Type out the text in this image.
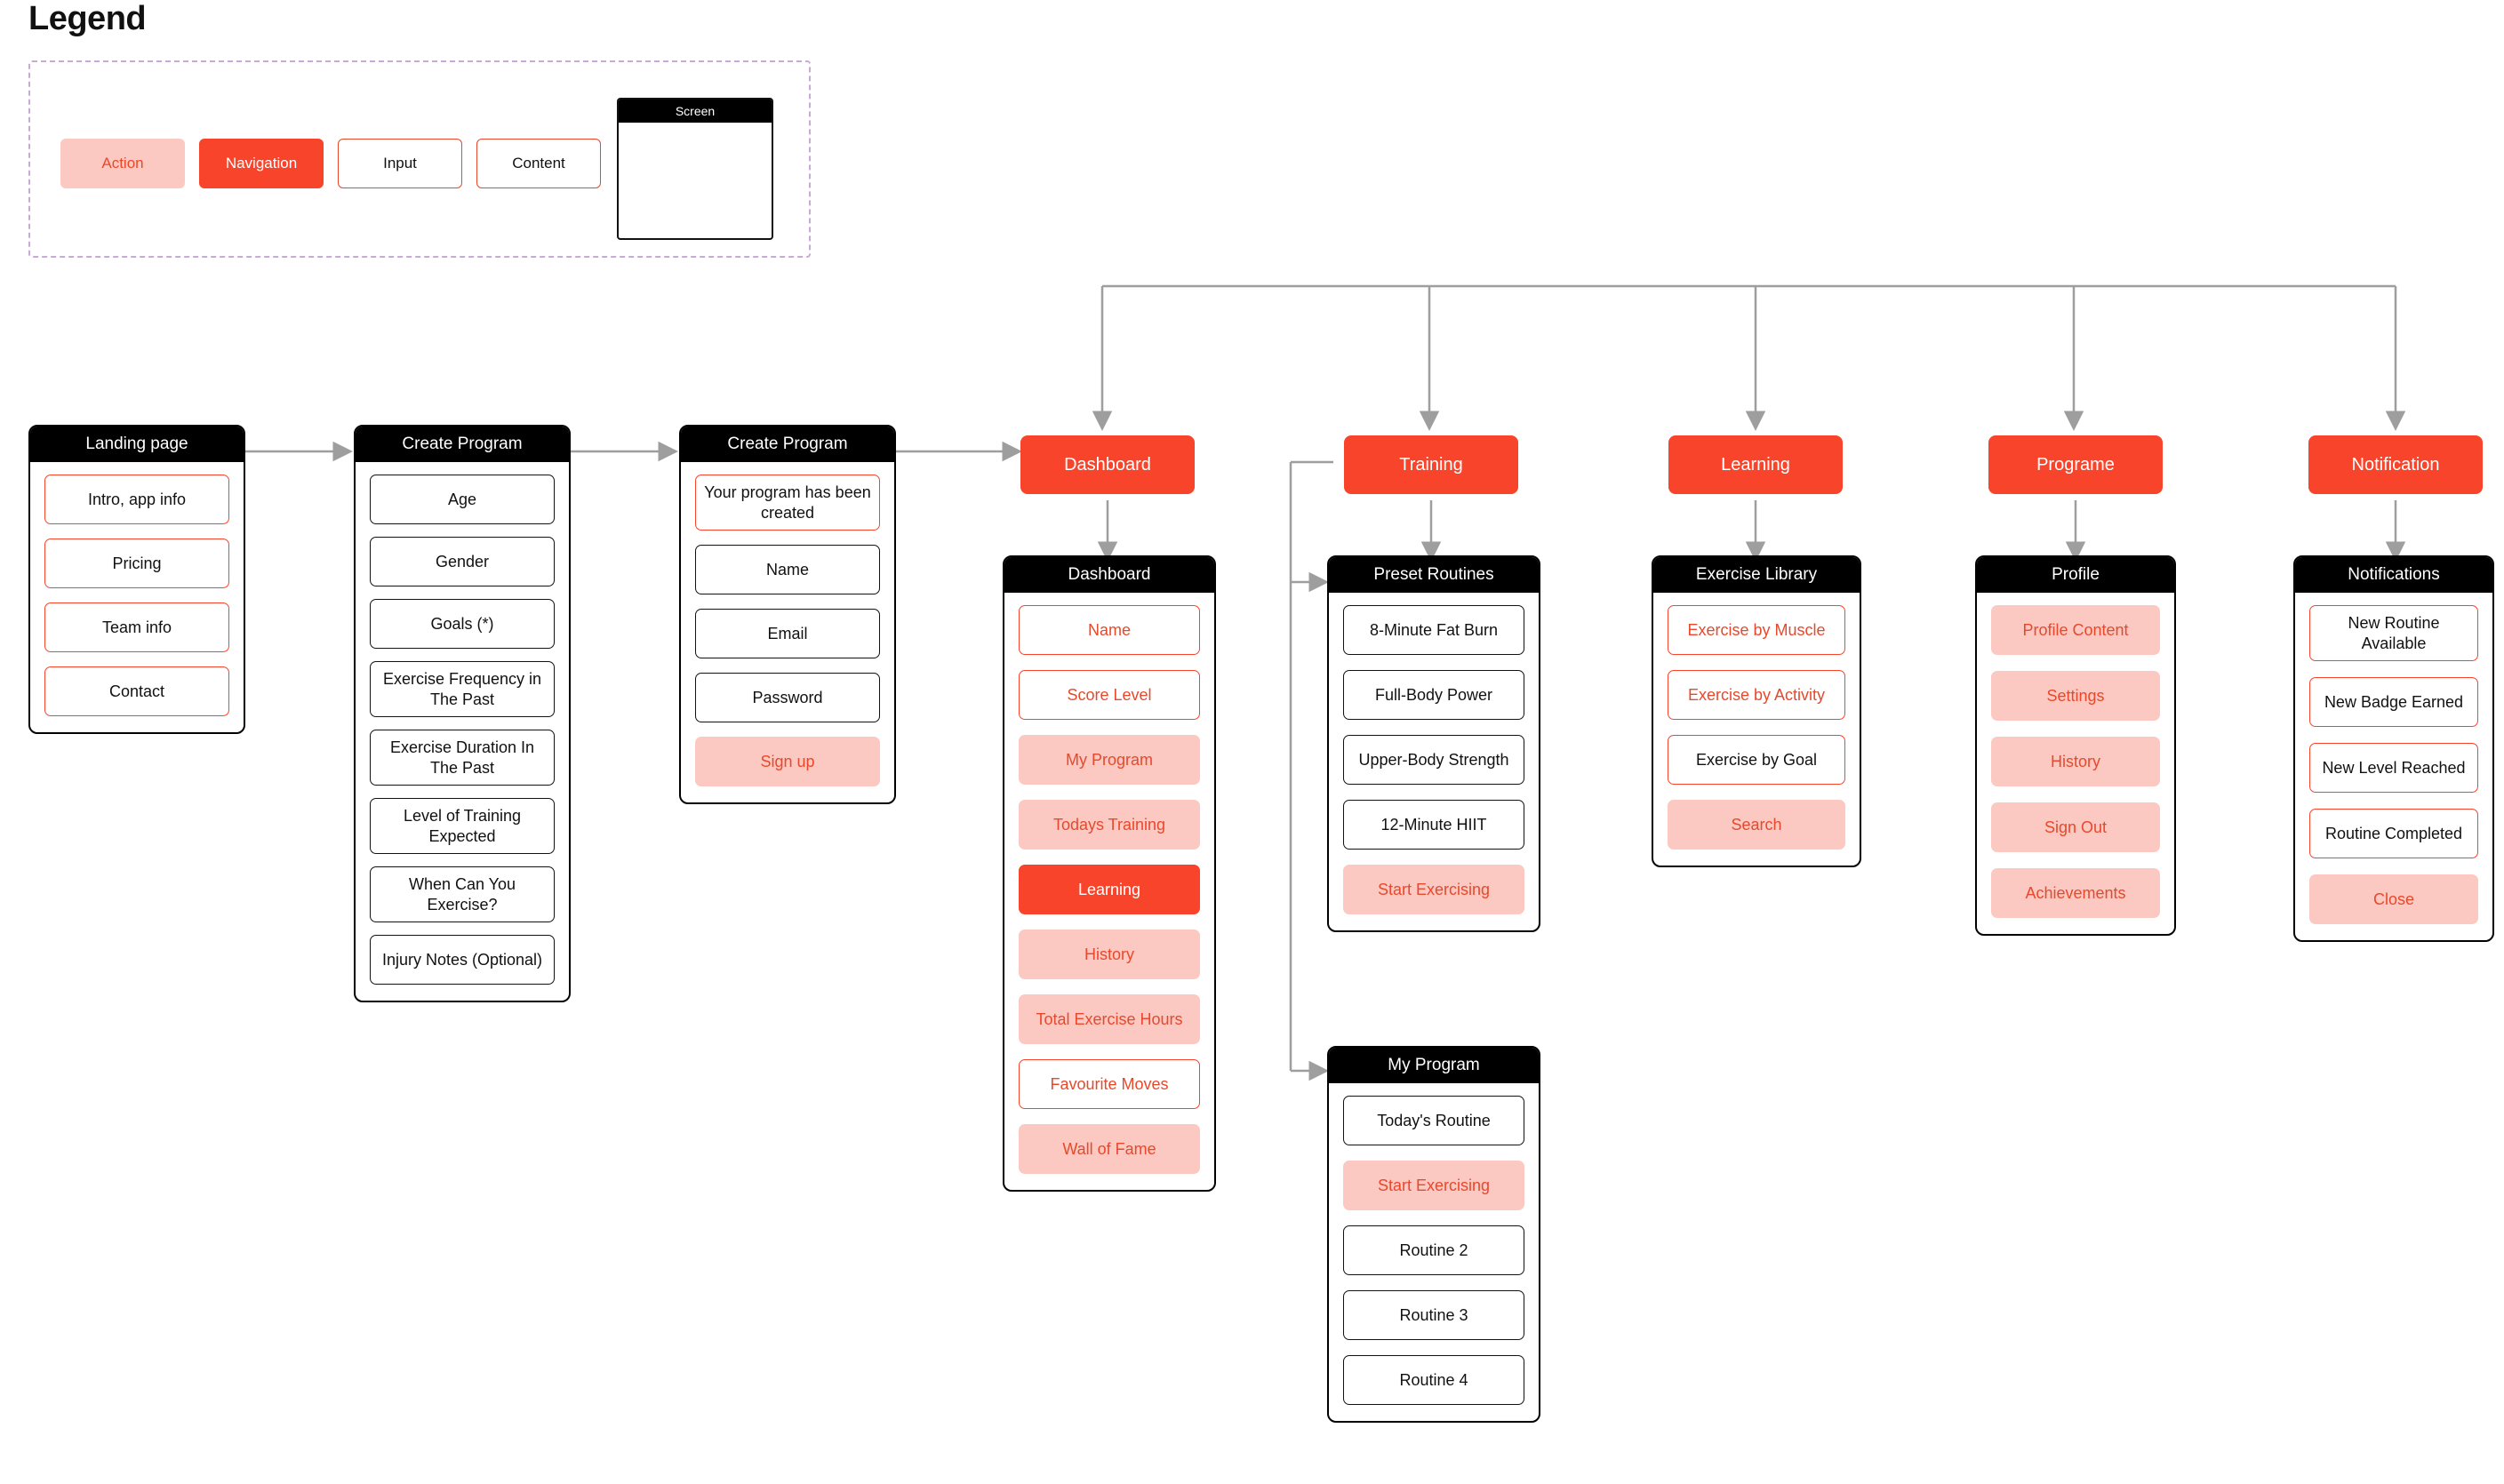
Legend
Action	Navigation	Input	Content
Screen
Dashboard	Training	Learning	Programe	Notification
Landing page
Intro, app info
Pricing
Team info
Contact
Create Program
Age
Gender
Goals (*)
Exercise Frequency in The Past
Exercise Duration In The Past
Level of Training Expected
When Can You Exercise?
Injury Notes (Optional)
Create Program
Your program has been created
Name
Email
Password
Sign up
Dashboard
Name
Score Level
My Program
Todays Training
Learning
History
Total Exercise Hours
Favourite Moves
Wall of Fame
Preset Routines
8-Minute Fat Burn
Full-Body Power
Upper-Body Strength
12-Minute HIIT
Start Exercising
My Program
Today's Routine
Start Exercising
Routine 2
Routine 3
Routine 4
Exercise Library
Exercise by Muscle
Exercise by Activity
Exercise by Goal
Search
Profile
Profile Content
Settings
History
Sign Out
Achievements
Notifications
New Routine Available
New Badge Earned
New Level Reached
Routine Completed
Close
